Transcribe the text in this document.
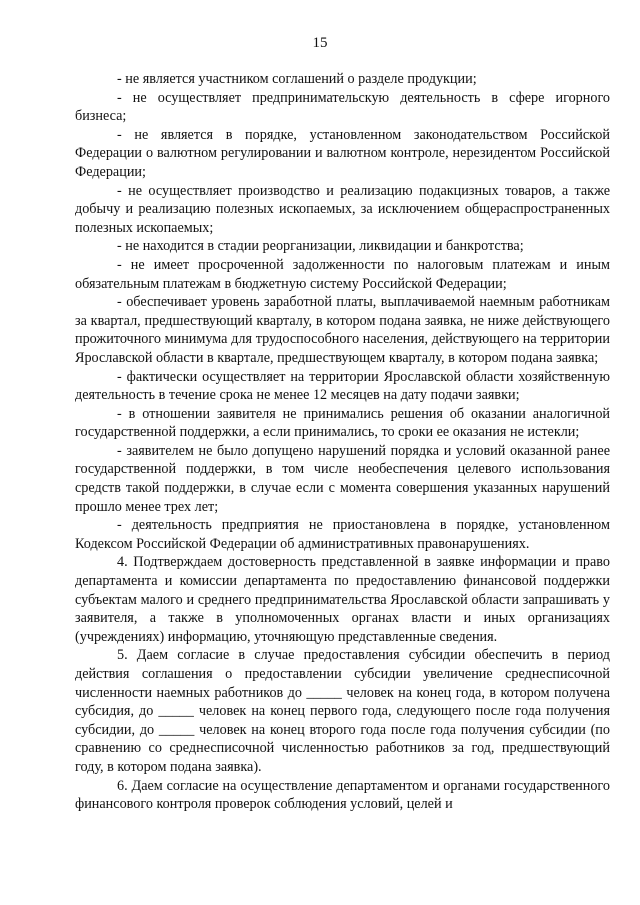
15

- не является участником соглашений о разделе продукции;

- не осуществляет предпринимательскую деятельность в сфере игорного бизнеса;

- не является в порядке, установленном законодательством Российской Федерации о валютном регулировании и валютном контроле, нерезидентом Российской Федерации;

- не осуществляет производство и реализацию подакцизных товаров, а также добычу и реализацию полезных ископаемых, за исключением общераспространенных полезных ископаемых;

- не находится в стадии реорганизации, ликвидации и банкротства;

- не имеет просроченной задолженности по налоговым платежам и иным обязательным платежам в бюджетную систему Российской Федерации;

- обеспечивает уровень заработной платы, выплачиваемой наемным работникам за квартал, предшествующий кварталу, в котором подана заявка, не ниже действующего прожиточного минимума для трудоспособного населения, действующего на территории Ярославской области в квартале, предшествующем кварталу, в котором подана заявка;

- фактически осуществляет на территории Ярославской области хозяйственную деятельность в течение срока не менее 12 месяцев на дату подачи заявки;

- в отношении заявителя не принимались решения об оказании аналогичной государственной поддержки, а если принимались, то сроки ее оказания не истекли;

- заявителем не было допущено нарушений порядка и условий оказанной ранее государственной поддержки, в том числе необеспечения целевого использования средств такой поддержки, в случае если с момента совершения указанных нарушений прошло менее трех лет;

- деятельность предприятия не приостановлена в порядке, установленном Кодексом Российской Федерации об административных правонарушениях.

4. Подтверждаем достоверность представленной в заявке информации и право департамента и комиссии департамента по предоставлению финансовой поддержки субъектам малого и среднего предпринимательства Ярославской области запрашивать у заявителя, а также в уполномоченных органах власти и иных организациях (учреждениях) информацию, уточняющую представленные сведения.

5. Даем согласие в случае предоставления субсидии обеспечить в период действия соглашения о предоставлении субсидии увеличение среднесписочной численности наемных работников до _____ человек на конец года, в котором получена субсидия, до _____ человек на конец первого года, следующего после года получения субсидии, до _____ человек на конец второго года после года получения субсидии (по сравнению со среднесписочной численностью работников за год, предшествующий году, в котором подана заявка).

6. Даем согласие на осуществление департаментом и органами государственного финансового контроля проверок соблюдения условий, целей и
